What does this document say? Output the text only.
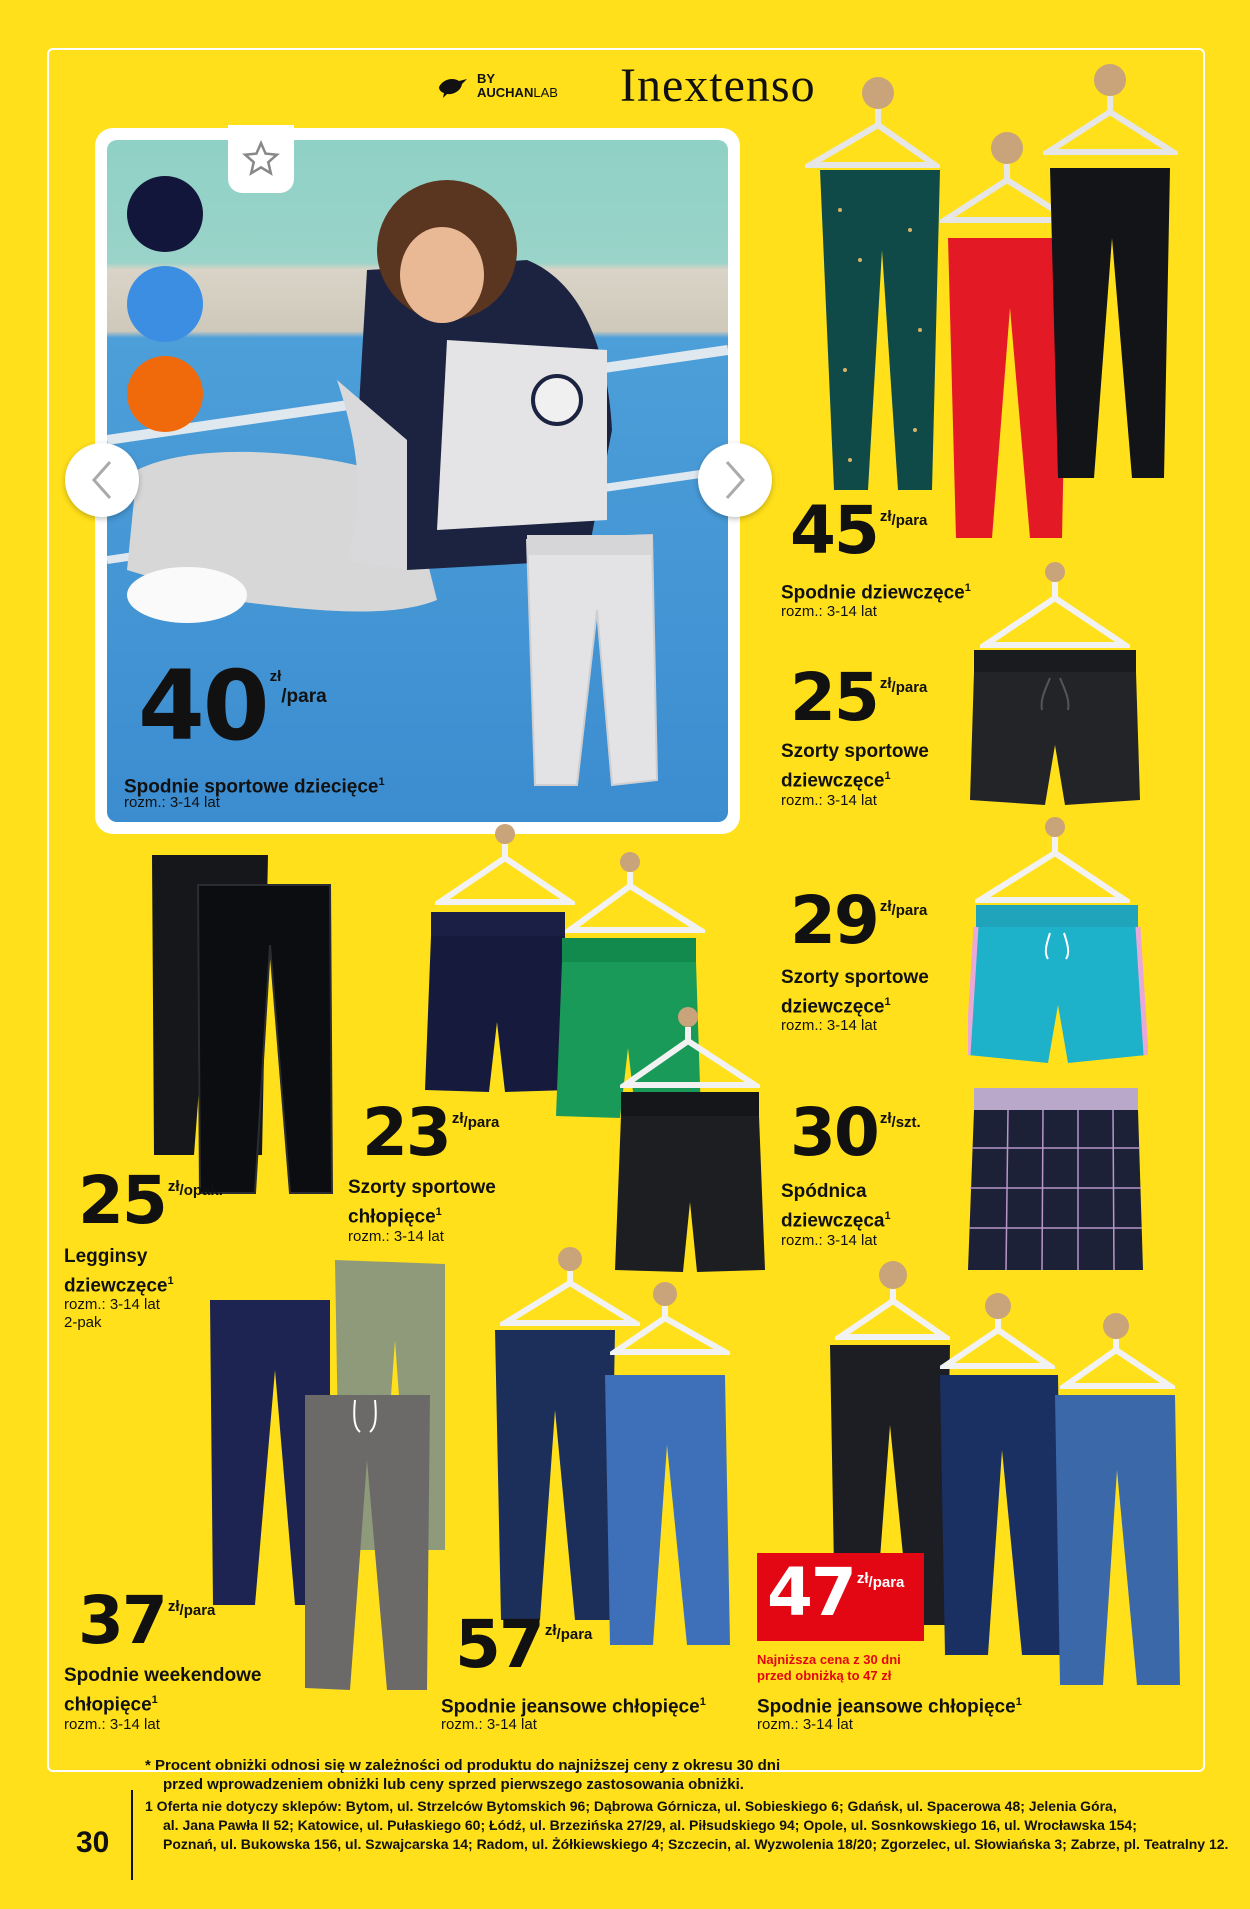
BY
AUCHANLAB Inextenso
40 zł
/para
Spodnie sportowe dziecięce$^1$
rozm.: 3-14 lat
45 zł /para
Spodnie dziewczęce$^1$
rozm.: 3-14 lat
25 zł /para
Szorty sportowe
dziewczęce$^1$
rozm.: 3-14 lat
29 zł /para
Szorty sportowe
dziewczęce$^1$
rozm.: 3-14 lat
30 zł /szt.
Spódnica
dziewczęca$^1$
rozm.: 3-14 lat
25 zł /opak.
Legginsy
dziewczęce$^1$
rozm.: 3-14 lat
2-pak
23 zł /para
Szorty sportowe
chłopięce$^1$
rozm.: 3-14 lat
37 zł /para
Spodnie weekendowe
chłopięce$^1$
rozm.: 3-14 lat
57 zł /para
Spodnie jeansowe chłopięce$^1$
rozm.: 3-14 lat
47 zł /para
Najniższa cena z 30 dni
przed obniżką to 47 zł
Spodnie jeansowe chłopięce$^1$
rozm.: 3-14 lat
* Procent obniżki odnosi się w zależności od produktu do najniższej ceny z okresu 30 dni
przed wprowadzeniem obniżki lub ceny sprzed pierwszego zastosowania obniżki.
1 Oferta nie dotyczy sklepów: Bytom, ul. Strzelców Bytomskich 96; Dąbrowa Górnicza, ul. Sobieskiego 6; Gdańsk, ul. Spacerowa 48; Jelenia Góra,
al. Jana Pawła II 52; Katowice, ul. Pułaskiego 60; Łódź, ul. Brzezińska 27/29, al. Piłsudskiego 94; Opole, ul. Sosnkowskiego 16, ul. Wrocławska 154;
Poznań, ul. Bukowska 156, ul. Szwajcarska 14; Radom, ul. Żółkiewskiego 4; Szczecin, al. Wyzwolenia 18/20; Zgorzelec, ul. Słowiańska 3; Zabrze, pl. Teatralny 12.
30
